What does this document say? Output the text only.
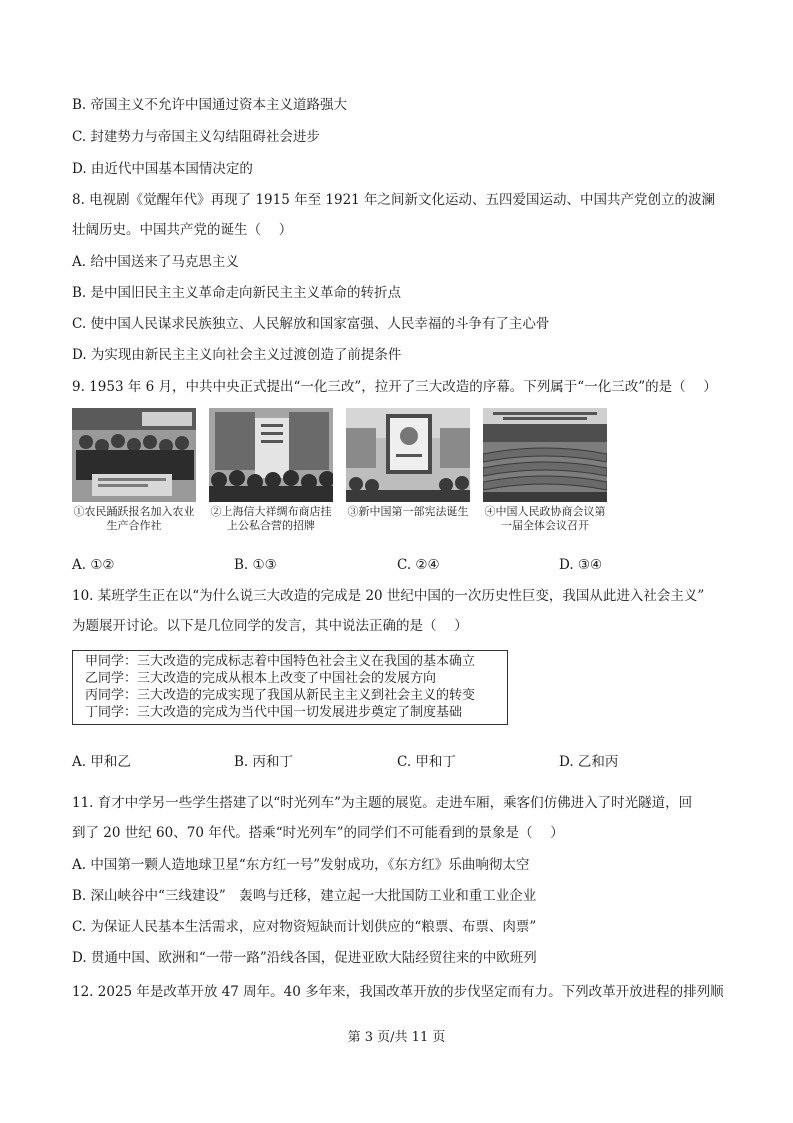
B. 帝国主义不允许中国通过资本主义道路强大
C. 封建势力与帝国主义勾结阻碍社会进步
D. 由近代中国基本国情决定的
8. 电视剧《觉醒年代》再现了 1915 年至 1921 年之间新文化运动、五四爱国运动、中国共产党创立的波澜
壮阔历史。中国共产党的诞生（　 ）
A. 给中国送来了马克思主义
B. 是中国旧民主主义革命走向新民主主义革命的转折点
C. 使中国人民谋求民族独立、人民解放和国家富强、人民幸福的斗争有了主心骨
D. 为实现由新民主主义向社会主义过渡创造了前提条件
9. 1953 年 6 月，中共中央正式提出“一化三改”，拉开了三大改造的序幕。下列属于“一化三改”的是（　 ）
①农民踊跃报名加入农业生产合作社
②上海信大祥绸布商店挂上公私合营的招牌
③新中国第一部宪法诞生 ④中国人民政协商会议第一届全体会议召开
A. ①②	B. ①③	C. ②④	D. ③④
10. 某班学生正在以“为什么说三大改造的完成是 20 世纪中国的一次历史性巨变，我国从此进入社会主义”
为题展开讨论。以下是几位同学的发言，其中说法正确的是（　 ）
甲同学：三大改造的完成标志着中国特色社会主义在我国的基本确立
乙同学：三大改造的完成从根本上改变了中国社会的发展方向
丙同学：三大改造的完成实现了我国从新民主主义到社会主义的转变
丁同学：三大改造的完成为当代中国一切发展进步奠定了制度基础
A. 甲和乙	B. 丙和丁	C. 甲和丁	D. 乙和丙
11. 育才中学另一些学生搭建了以“时光列车”为主题的展览。走进车厢，乘客们仿佛进入了时光隧道，回
到了 20 世纪 60、70 年代。搭乘“时光列车”的同学们不可能看到的景象是（　 ）
A. 中国第一颗人造地球卫星“东方红一号”发射成功，《东方红》乐曲响彻太空
B. 深山峡谷中“三线建设”　轰鸣与迁移，建立起一大批国防工业和重工业企业
C. 为保证人民基本生活需求，应对物资短缺而计划供应的“粮票、布票、肉票”
D. 贯通中国、欧洲和“一带一路”沿线各国，促进亚欧大陆经贸往来的中欧班列
12. 2025 年是改革开放 47 周年。40 多年来，我国改革开放的步伐坚定而有力。下列改革开放进程的排列顺
第 3 页/共 11 页
